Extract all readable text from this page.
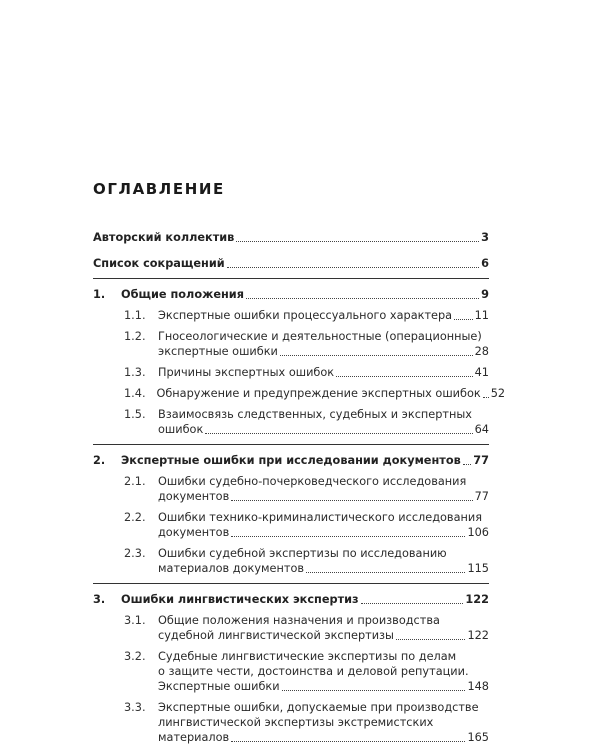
ОГЛАВЛЕНИЕ
Авторский коллектив	3
Список сокращений	6
1.	Общие положения	9
1.1.	Экспертные ошибки процессуального характера 11
1.2.	Гносеологические и деятельностные (операционные)
экспертные ошибки	28
1.3.	Причины экспертных ошибок	41
1.4. Обнаружение и предупреждение экспертных ошибок 52
1.5.	Взаимосвязь следственных, судебных и экспертных
ошибок	64
2.	Экспертные ошибки при исследовании документов 77
2.1.	Ошибки судебно-почерковедческого исследования
документов	77
2.2.	Ошибки технико-криминалистического исследования
документов	106
2.3.	Ошибки судебной экспертизы по исследованию
материалов документов	115
3.	Ошибки лингвистических экспертиз	122
3.1.	Общие положения назначения и производства
судебной лингвистической экспертизы	122
3.2.	Судебные лингвистические экспертизы по делам
о защите чести, достоинства и деловой репутации.
Экспертные ошибки	148
3.3.	Экспертные ошибки, допускаемые при производстве
лингвистической экспертизы экстремистских
материалов	165
